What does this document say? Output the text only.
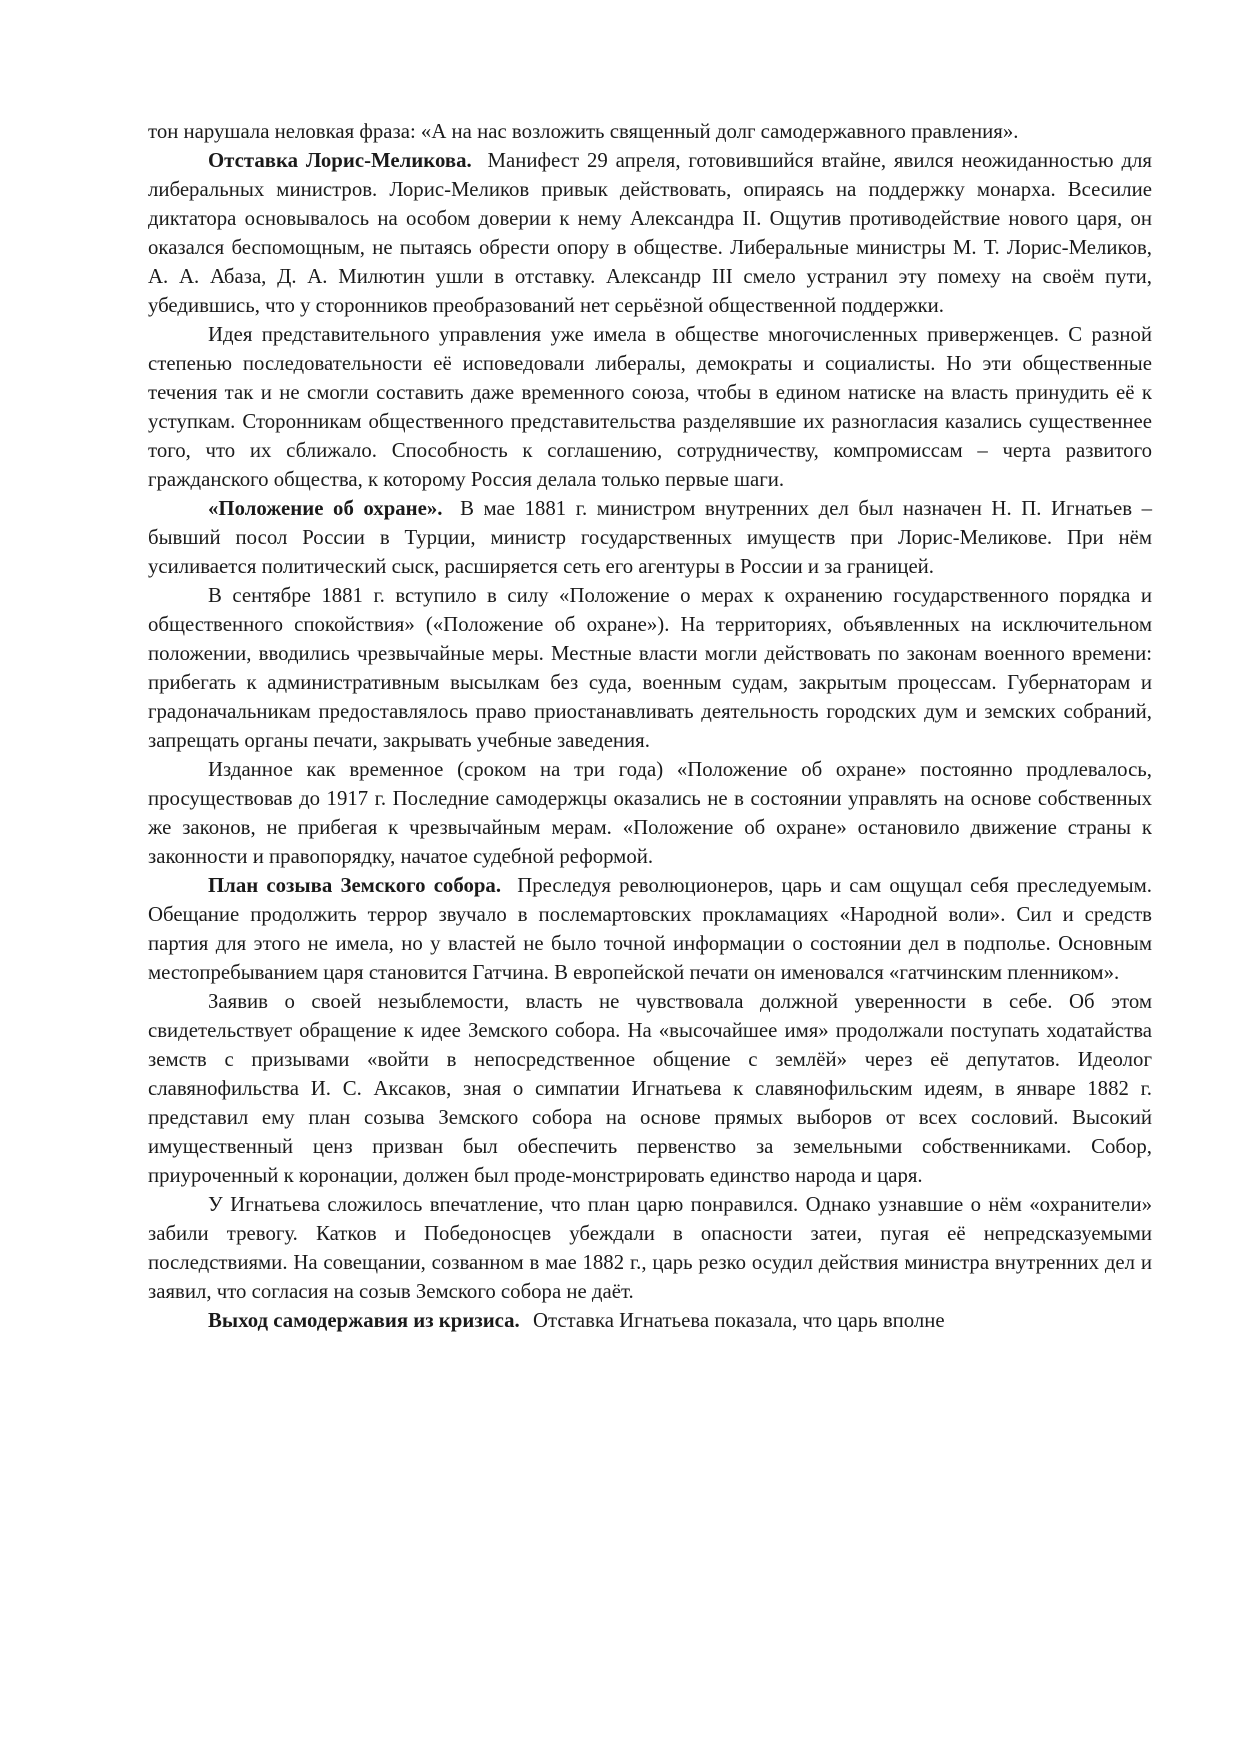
тон нарушала неловкая фраза: «А на нас возложить священный долг самодержавного правления».

Отставка Лорис-Меликова. Манифест 29 апреля, готовившийся втайне, явился неожиданностью для либеральных министров. Лорис-Меликов привык действовать, опираясь на поддержку монарха. Всесилие диктатора основывалось на особом доверии к нему Александра II. Ощутив противодействие нового царя, он оказался беспомощным, не пытаясь обрести опору в обществе. Либеральные министры М. Т. Лорис-Меликов, А. А. Абаза, Д. А. Милютин ушли в отставку. Александр III смело устранил эту помеху на своём пути, убедившись, что у сторонников преобразований нет серьёзной общественной поддержки.

Идея представительного управления уже имела в обществе многочисленных приверженцев. С разной степенью последовательности её исповедовали либералы, демократы и социалисты. Но эти общественные течения так и не смогли составить даже временного союза, чтобы в едином натиске на власть принудить её к уступкам. Сторонникам общественного представительства разделявшие их разногласия казались существеннее того, что их сближало. Способность к соглашению, сотрудничеству, компромиссам – черта развитого гражданского общества, к которому Россия делала только первые шаги.

«Положение об охране». В мае 1881 г. министром внутренних дел был назначен Н. П. Игнатьев – бывший посол России в Турции, министр государственных имуществ при Лорис-Меликове. При нём усиливается политический сыск, расширяется сеть его агентуры в России и за границей.

В сентябре 1881 г. вступило в силу «Положение о мерах к охранению государственного порядка и общественного спокойствия» («Положение об охране»). На территориях, объявленных на исключительном положении, вводились чрезвычайные меры. Местные власти могли действовать по законам военного времени: прибегать к административным высылкам без суда, военным судам, закрытым процессам. Губернаторам и градоначальникам предоставлялось право приостанавливать деятельность городских дум и земских собраний, запрещать органы печати, закрывать учебные заведения.

Изданное как временное (сроком на три года) «Положение об охране» постоянно продлевалось, просуществовав до 1917 г. Последние самодержцы оказались не в состоянии управлять на основе собственных же законов, не прибегая к чрезвычайным мерам. «Положение об охране» остановило движение страны к законности и правопорядку, начатое судебной реформой.

План созыва Земского собора. Преследуя революционеров, царь и сам ощущал себя преследуемым. Обещание продолжить террор звучало в послемартовских прокламациях «Народной воли». Сил и средств партия для этого не имела, но у властей не было точной информации о состоянии дел в подполье. Основным местопребыванием царя становится Гатчина. В европейской печати он именовался «гатчинским пленником».

Заявив о своей незыблемости, власть не чувствовала должной уверенности в себе. Об этом свидетельствует обращение к идее Земского собора. На «высочайшее имя» продолжали поступать ходатайства земств с призывами «войти в непосредственное общение с землёй» через её депутатов. Идеолог славянофильства И. С. Аксаков, зная о симпатии Игнатьева к славянофильским идеям, в январе 1882 г. представил ему план созыва Земского собора на основе прямых выборов от всех сословий. Высокий имущественный ценз призван был обеспечить первенство за земельными собственниками. Собор, приуроченный к коронации, должен был проде-монстрировать единство народа и царя.

У Игнатьева сложилось впечатление, что план царю понравился. Однако узнавшие о нём «охранители» забили тревогу. Катков и Победоносцев убеждали в опасности затеи, пугая её непредсказуемыми последствиями. На совещании, созванном в мае 1882 г., царь резко осудил действия министра внутренних дел и заявил, что согласия на созыв Земского собора не даёт.

Выход самодержавия из кризиса. Отставка Игнатьева показала, что царь вполне
